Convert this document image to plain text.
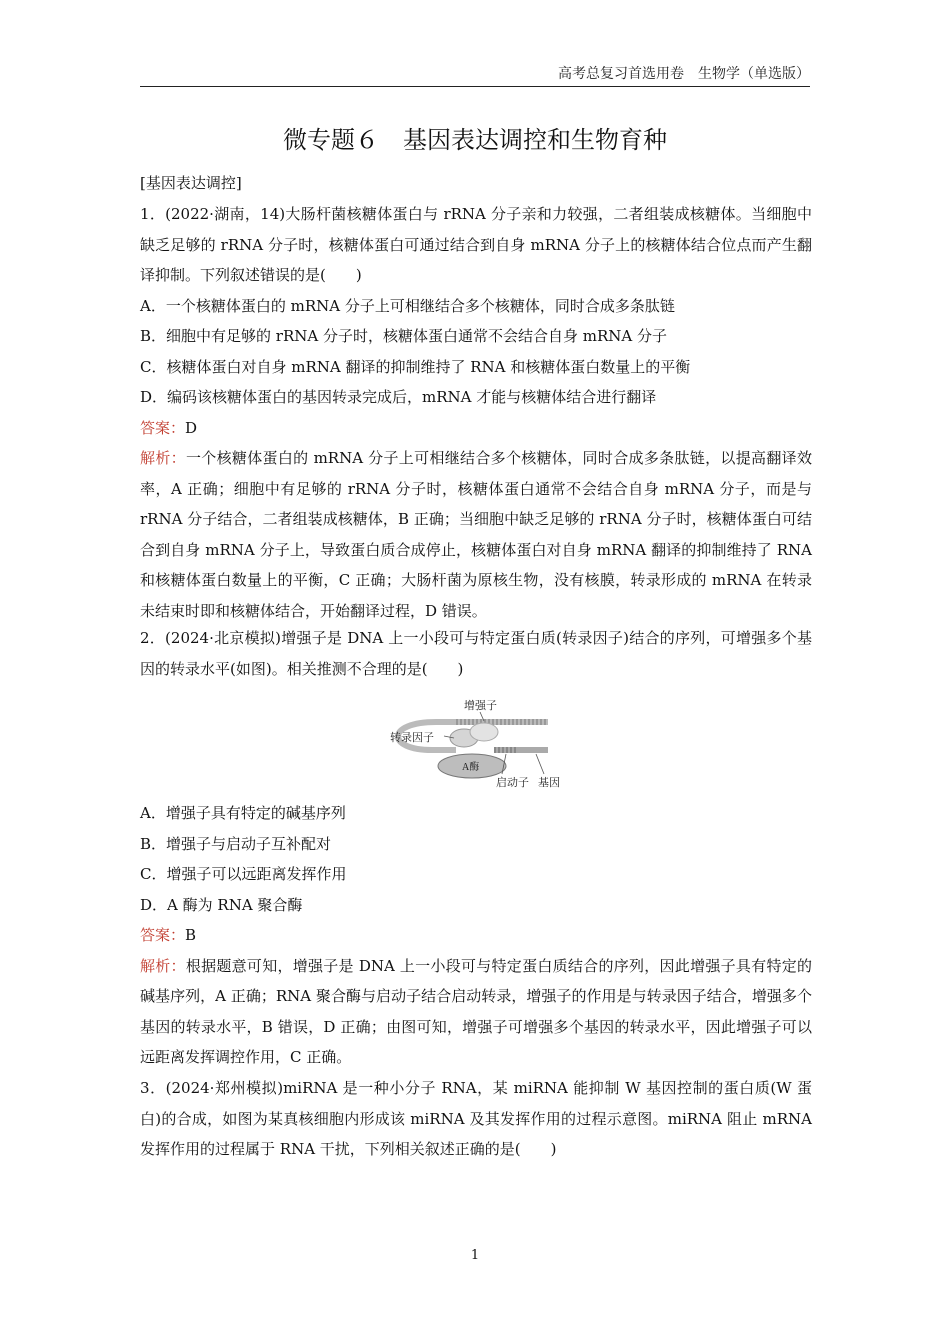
高考总复习首选用卷　生物学（单选版）
微专题６　基因表达调控和生物育种
[基因表达调控]

1．(2022·湖南，14)大肠杆菌核糖体蛋白与 rRNA 分子亲和力较强，二者组装成核糖体。当细胞中缺乏足够的 rRNA 分子时，核糖体蛋白可通过结合到自身 mRNA 分子上的核糖体结合位点而产生翻译抑制。下列叙述错误的是(　　)

A．一个核糖体蛋白的 mRNA 分子上可相继结合多个核糖体，同时合成多条肽链

B．细胞中有足够的 rRNA 分子时，核糖体蛋白通常不会结合自身 mRNA 分子

C．核糖体蛋白对自身 mRNA 翻译的抑制维持了 RNA 和核糖体蛋白数量上的平衡

D．编码该核糖体蛋白的基因转录完成后，mRNA 才能与核糖体结合进行翻译

答案：D

解析：一个核糖体蛋白的 mRNA 分子上可相继结合多个核糖体，同时合成多条肽链，以提高翻译效率，A 正确；细胞中有足够的 rRNA 分子时，核糖体蛋白通常不会结合自身 mRNA 分子，而是与 rRNA 分子结合，二者组装成核糖体，B 正确；当细胞中缺乏足够的 rRNA 分子时，核糖体蛋白可结合到自身 mRNA 分子上，导致蛋白质合成停止，核糖体蛋白对自身 mRNA 翻译的抑制维持了 RNA 和核糖体蛋白数量上的平衡，C 正确；大肠杆菌为原核生物，没有核膜，转录形成的 mRNA 在转录未结束时即和核糖体结合，开始翻译过程，D 错误。

2．(2024·北京模拟)增强子是 DNA 上一小段可与特定蛋白质(转录因子)结合的序列，可增强多个基因的转录水平(如图)。相关推测不合理的是(　　)

增强子
转录因子
A酶
启动子 基因

A．增强子具有特定的碱基序列

B．增强子与启动子互补配对

C．增强子可以远距离发挥作用

D．A 酶为 RNA 聚合酶

答案：B

解析：根据题意可知，增强子是 DNA 上一小段可与特定蛋白质结合的序列，因此增强子具有特定的碱基序列，A 正确；RNA 聚合酶与启动子结合启动转录，增强子的作用是与转录因子结合，增强多个基因的转录水平，B 错误，D 正确；由图可知，增强子可增强多个基因的转录水平，因此增强子可以远距离发挥调控作用，C 正确。

3．(2024·郑州模拟)miRNA 是一种小分子 RNA，某 miRNA 能抑制 W 基因控制的蛋白质(W 蛋白)的合成，如图为某真核细胞内形成该 miRNA 及其发挥作用的过程示意图。miRNA 阻止 mRNA 发挥作用的过程属于 RNA 干扰，下列相关叙述正确的是(　　)

1
